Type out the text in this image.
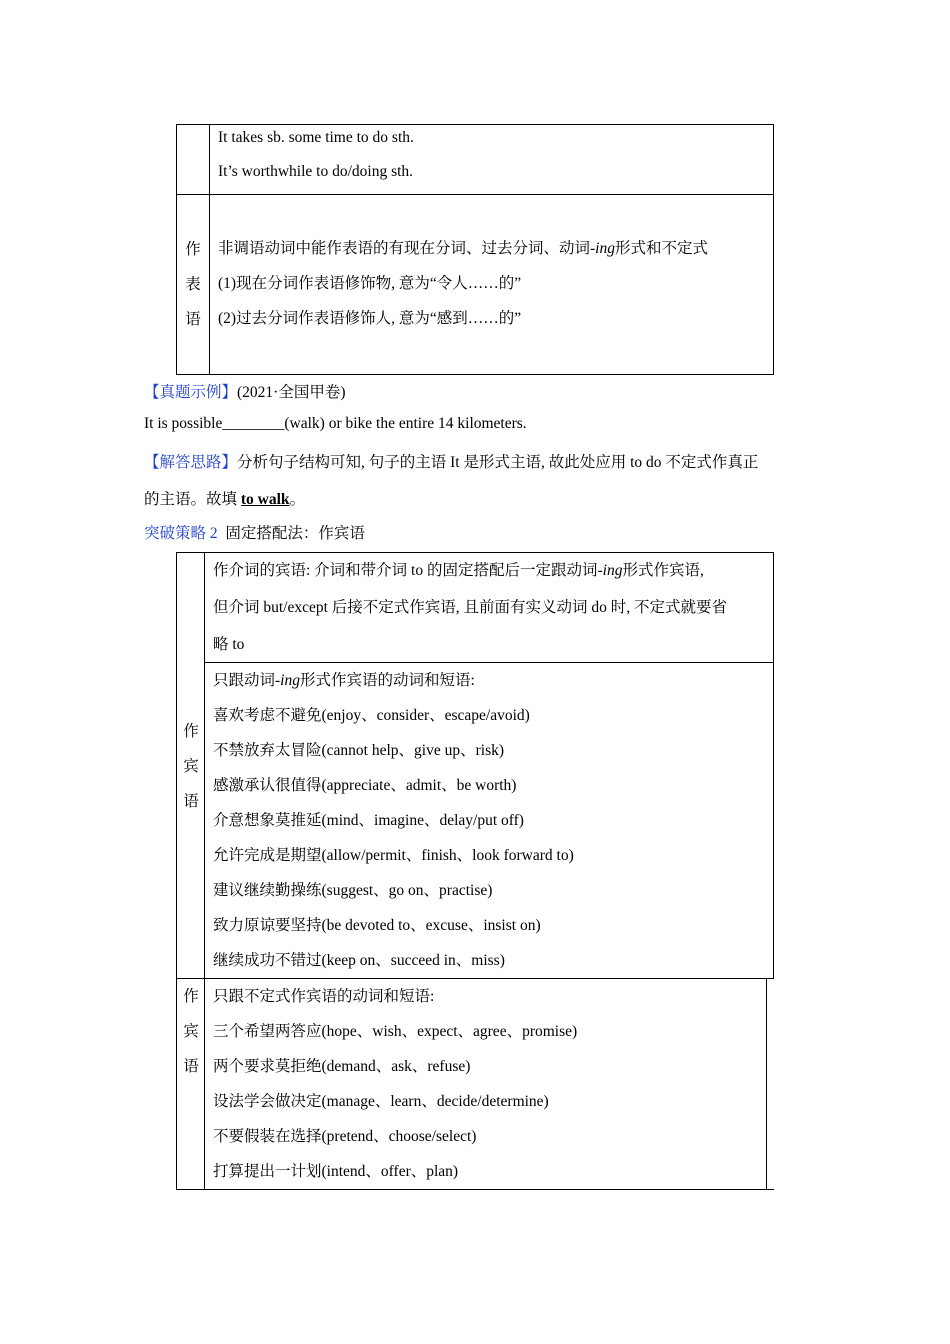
It takes sb. some time to do sth.
It’s worthwhile to do/doing sth.
作
表
语
非调语动词中能作表语的有现在分词、过去分词、动词-ing形式和不定式
(1)现在分词作表语修饰物, 意为“令人……的”
(2)过去分词作表语修饰人, 意为“感到……的”
【真题示例】(2021·全国甲卷)
It is possible________(walk) or bike the entire 14 kilometers.
【解答思路】分析句子结构可知, 句子的主语 It 是形式主语, 故此处应用 to do 不定式作真正
的主语。故填 to walk。
突破策略 2 固定搭配法：作宾语
作
宾
语
作介词的宾语: 介词和带介词 to 的固定搭配后一定跟动词-ing形式作宾语,
但介词 but/except 后接不定式作宾语, 且前面有实义动词 do 时, 不定式就要省
略 to
只跟动词-ing形式作宾语的动词和短语:
喜欢考虑不避免(enjoy、consider、escape/avoid)
不禁放弃太冒险(cannot help、give up、risk)
感激承认很值得(appreciate、admit、be worth)
介意想象莫推延(mind、imagine、delay/put off)
允许完成是期望(allow/permit、finish、look forward to)
建议继续勤操练(suggest、go on、practise)
致力原谅要坚持(be devoted to、excuse、insist on)
继续成功不错过(keep on、succeed in、miss)
作
宾
语
只跟不定式作宾语的动词和短语:
三个希望两答应(hope、wish、expect、agree、promise)
两个要求莫拒绝(demand、ask、refuse)
设法学会做决定(manage、learn、decide/determine)
不要假装在选择(pretend、choose/select)
打算提出一计划(intend、offer、plan)
